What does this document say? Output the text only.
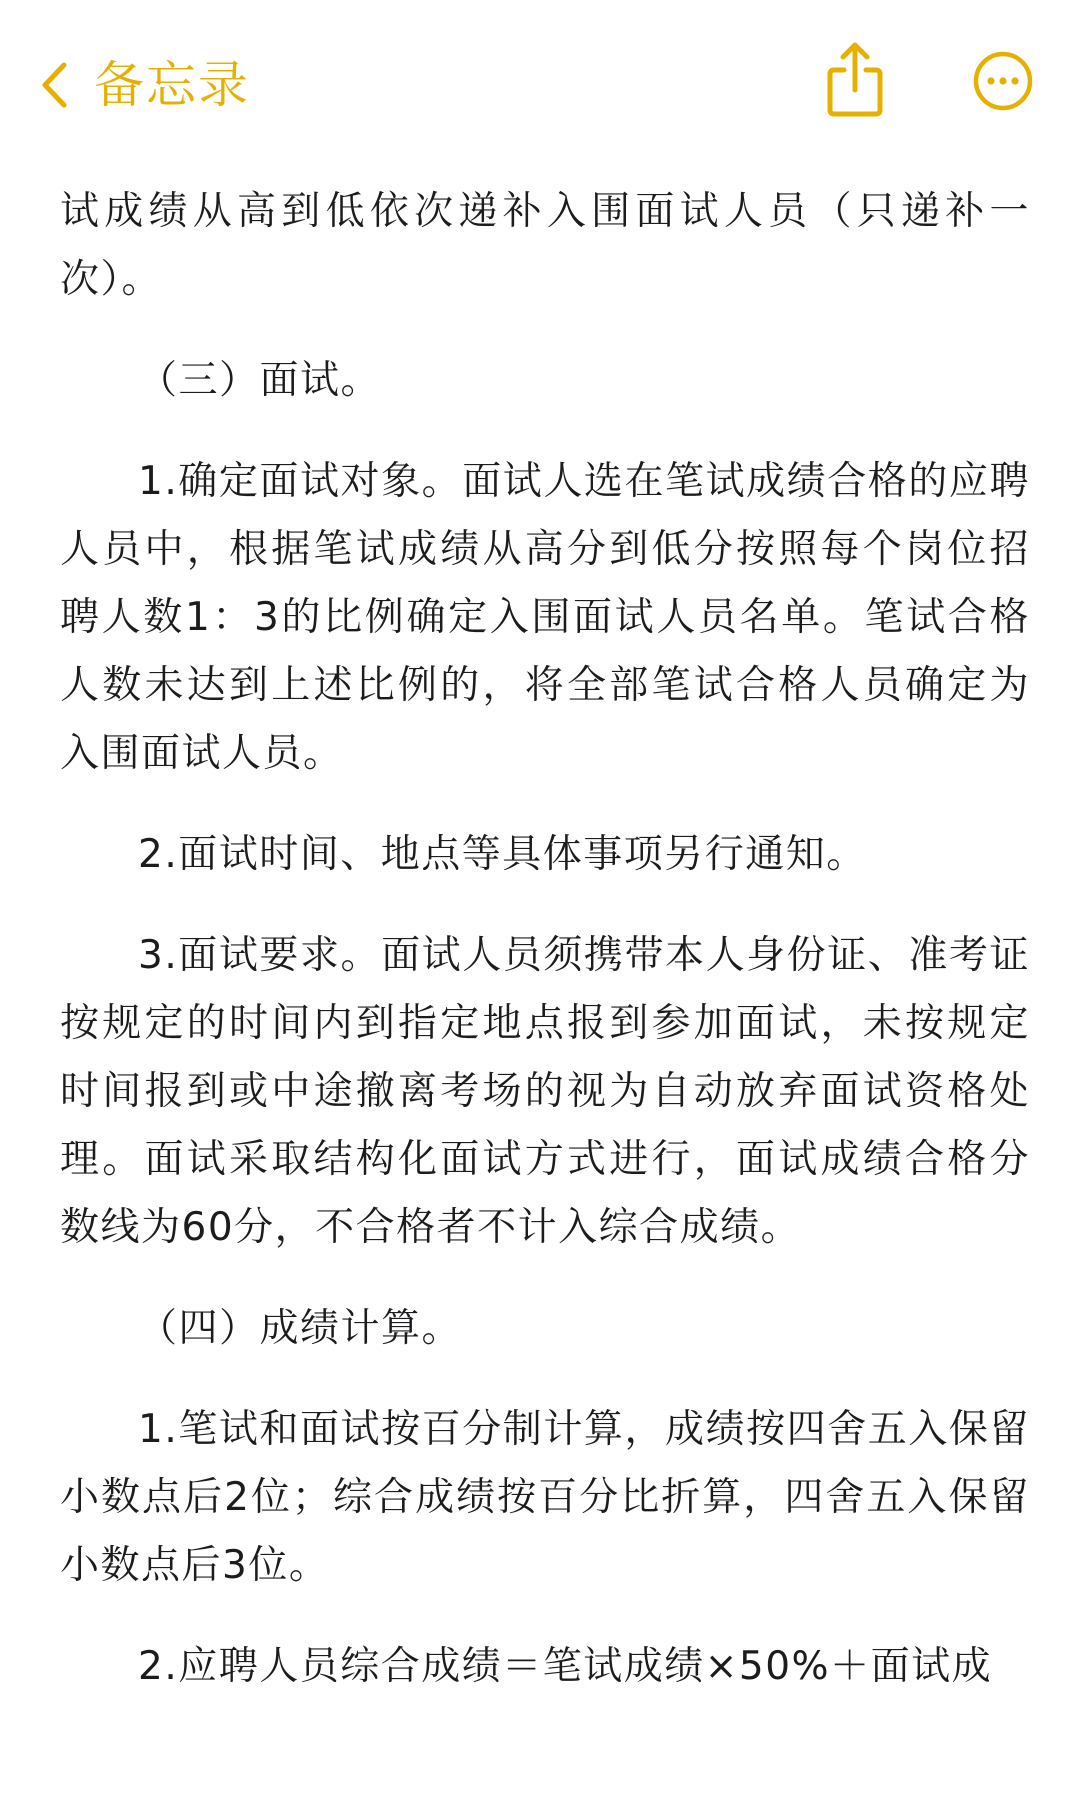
备忘录

试成绩从高到低依次递补入围面试人员（只递补一次）。

（三）面试。

1.确定面试对象。面试人选在笔试成绩合格的应聘人员中，根据笔试成绩从高分到低分按照每个岗位招聘人数1：3的比例确定入围面试人员名单。笔试合格人数未达到上述比例的，将全部笔试合格人员确定为入围面试人员。

2.面试时间、地点等具体事项另行通知。

3.面试要求。面试人员须携带本人身份证、准考证按规定的时间内到指定地点报到参加面试，未按规定时间报到或中途撤离考场的视为自动放弃面试资格处理。面试采取结构化面试方式进行，面试成绩合格分数线为60分，不合格者不计入综合成绩。

（四）成绩计算。

1.笔试和面试按百分制计算，成绩按四舍五入保留小数点后2位；综合成绩按百分比折算，四舍五入保留小数点后3位。

2.应聘人员综合成绩＝笔试成绩×50%＋面试成
